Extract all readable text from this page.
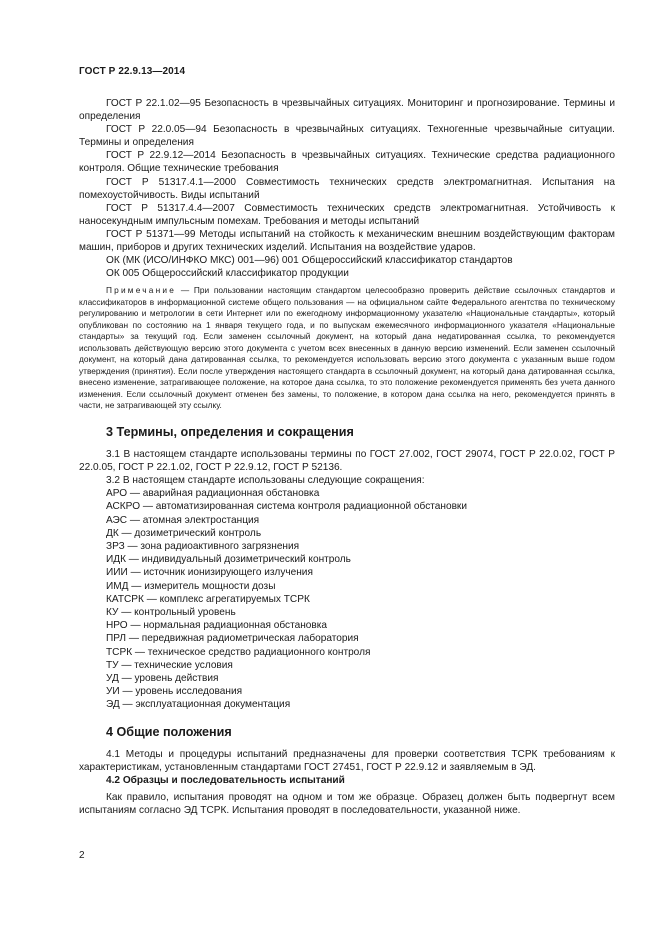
ГОСТ Р 22.9.13—2014

ГОСТ Р 22.1.02—95 Безопасность в чрезвычайных ситуациях. Мониторинг и прогнозирование. Термины и определения

ГОСТ Р 22.0.05—94 Безопасность в чрезвычайных ситуациях. Техногенные чрезвычайные ситуации. Термины и определения

ГОСТ Р 22.9.12—2014 Безопасность в чрезвычайных ситуациях. Технические средства радиационного контроля. Общие технические требования

ГОСТ Р 51317.4.1—2000 Совместимость технических средств электромагнитная. Испытания на помехоустойчивость. Виды испытаний

ГОСТ Р 51317.4.4—2007 Совместимость технических средств электромагнитная. Устойчивость к наносекундным импульсным помехам. Требования и методы испытаний

ГОСТ Р 51371—99 Методы испытаний на стойкость к механическим внешним воздействующим факторам машин, приборов и других технических изделий. Испытания на воздействие ударов.

ОК (МК (ИСО/ИНФКО МКС) 001—96) 001 Общероссийский классификатор стандартов

ОК 005 Общероссийский классификатор продукции

Примечание — При пользовании настоящим стандартом целесообразно проверить действие ссылочных стандартов и классификаторов в информационной системе общего пользования — на официальном сайте Федерального агентства по техническому регулированию и метрологии в сети Интернет или по ежегодному информационному указателю «Национальные стандарты», который опубликован по состоянию на 1 января текущего года, и по выпускам ежемесячного информационного указателя «Национальные стандарты» за текущий год. Если заменен ссылочный документ, на который дана недатированная ссылка, то рекомендуется использовать действующую версию этого документа с учетом всех внесенных в данную версию изменений. Если заменен ссылочный документ, на который дана датированная ссылка, то рекомендуется использовать версию этого документа с указанным выше годом утверждения (принятия). Если после утверждения настоящего стандарта в ссылочный документ, на который дана датированная ссылка, внесено изменение, затрагивающее положение, на которое дана ссылка, то это положение рекомендуется применять без учета данного изменения. Если ссылочный документ отменен без замены, то положение, в котором дана ссылка на него, рекомендуется принять в части, не затрагивающей эту ссылку.

3 Термины, определения и сокращения

3.1 В настоящем стандарте использованы термины по ГОСТ 27.002, ГОСТ 29074, ГОСТ Р 22.0.02, ГОСТ Р 22.0.05, ГОСТ Р 22.1.02, ГОСТ Р 22.9.12, ГОСТ Р 52136.

3.2 В настоящем стандарте использованы следующие сокращения:

АРО — аварийная радиационная обстановка
АСКРО — автоматизированная система контроля радиационной обстановки
АЭС — атомная электростанция
ДК — дозиметрический контроль
ЗРЗ — зона радиоактивного загрязнения
ИДК — индивидуальный дозиметрический контроль
ИИИ — источник ионизирующего излучения
ИМД — измеритель мощности дозы
КАТСРК — комплекс агрегатируемых ТСРК
КУ — контрольный уровень
НРО — нормальная радиационная обстановка
ПРЛ — передвижная радиометрическая лаборатория
ТСРК — техническое средство радиационного контроля
ТУ — технические условия
УД — уровень действия
УИ — уровень исследования
ЭД — эксплуатационная документация
4 Общие положения

4.1 Методы и процедуры испытаний предназначены для проверки соответствия ТСРК требованиям к характеристикам, установленным стандартами ГОСТ 27451, ГОСТ Р 22.9.12 и заявляемым в ЭД.

4.2 Образцы и последовательность испытаний

Как правило, испытания проводят на одном и том же образце. Образец должен быть подвергнут всем испытаниям согласно ЭД ТСРК. Испытания проводят в последовательности, указанной ниже.

2
